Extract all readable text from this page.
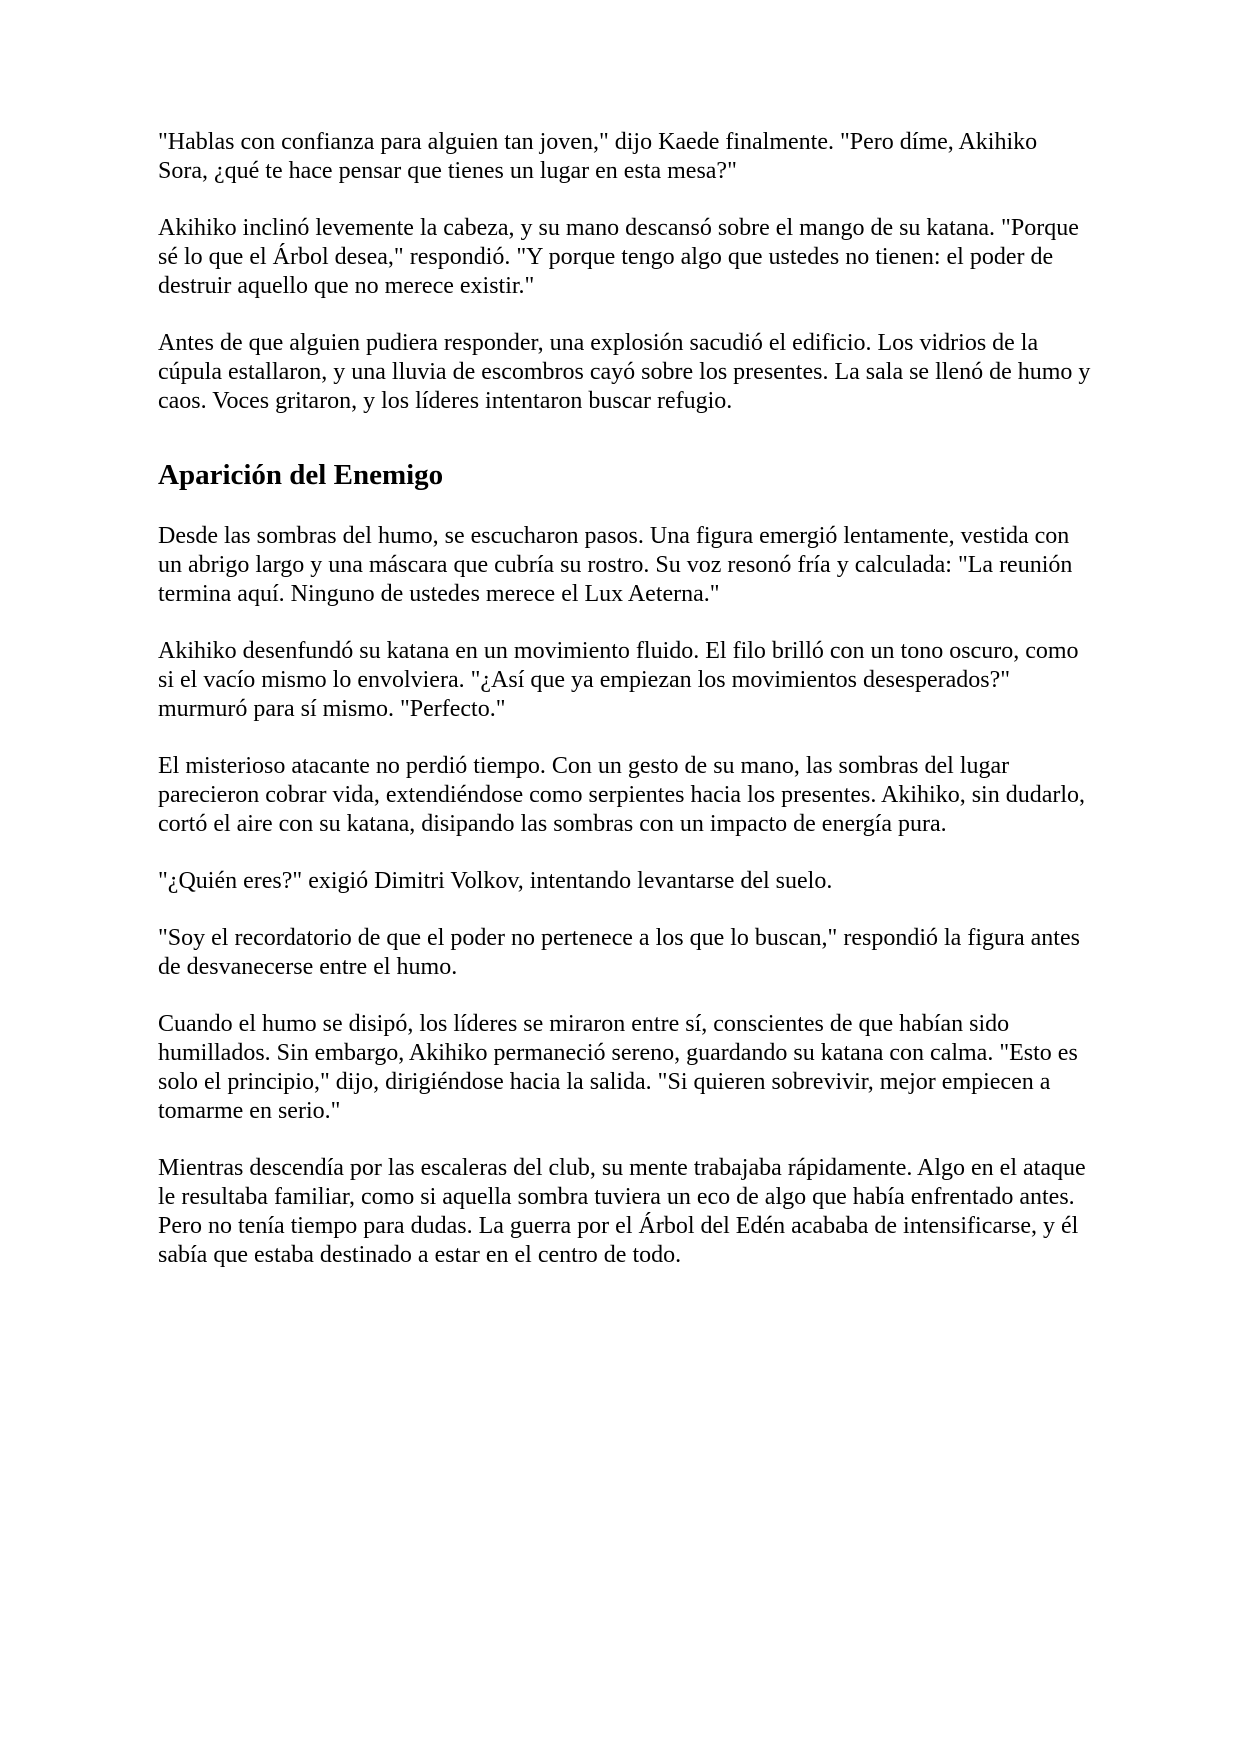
"Hablas con confianza para alguien tan joven," dijo Kaede finalmente. "Pero díme, Akihiko Sora, ¿qué te hace pensar que tienes un lugar en esta mesa?"

Akihiko inclinó levemente la cabeza, y su mano descansó sobre el mango de su katana. "Porque sé lo que el Árbol desea," respondió. "Y porque tengo algo que ustedes no tienen: el poder de destruir aquello que no merece existir."

Antes de que alguien pudiera responder, una explosión sacudió el edificio. Los vidrios de la cúpula estallaron, y una lluvia de escombros cayó sobre los presentes. La sala se llenó de humo y caos. Voces gritaron, y los líderes intentaron buscar refugio.

Aparición del Enemigo

Desde las sombras del humo, se escucharon pasos. Una figura emergió lentamente, vestida con un abrigo largo y una máscara que cubría su rostro. Su voz resonó fría y calculada: "La reunión termina aquí. Ninguno de ustedes merece el Lux Aeterna."

Akihiko desenfundó su katana en un movimiento fluido. El filo brilló con un tono oscuro, como si el vacío mismo lo envolviera. "¿Así que ya empiezan los movimientos desesperados?" murmuró para sí mismo. "Perfecto."

El misterioso atacante no perdió tiempo. Con un gesto de su mano, las sombras del lugar parecieron cobrar vida, extendiéndose como serpientes hacia los presentes. Akihiko, sin dudarlo, cortó el aire con su katana, disipando las sombras con un impacto de energía pura.

"¿Quién eres?" exigió Dimitri Volkov, intentando levantarse del suelo.

"Soy el recordatorio de que el poder no pertenece a los que lo buscan," respondió la figura antes de desvanecerse entre el humo.

Cuando el humo se disipó, los líderes se miraron entre sí, conscientes de que habían sido humillados. Sin embargo, Akihiko permaneció sereno, guardando su katana con calma. "Esto es solo el principio," dijo, dirigiéndose hacia la salida. "Si quieren sobrevivir, mejor empiecen a tomarme en serio."

Mientras descendía por las escaleras del club, su mente trabajaba rápidamente. Algo en el ataque le resultaba familiar, como si aquella sombra tuviera un eco de algo que había enfrentado antes. Pero no tenía tiempo para dudas. La guerra por el Árbol del Edén acababa de intensificarse, y él sabía que estaba destinado a estar en el centro de todo.
